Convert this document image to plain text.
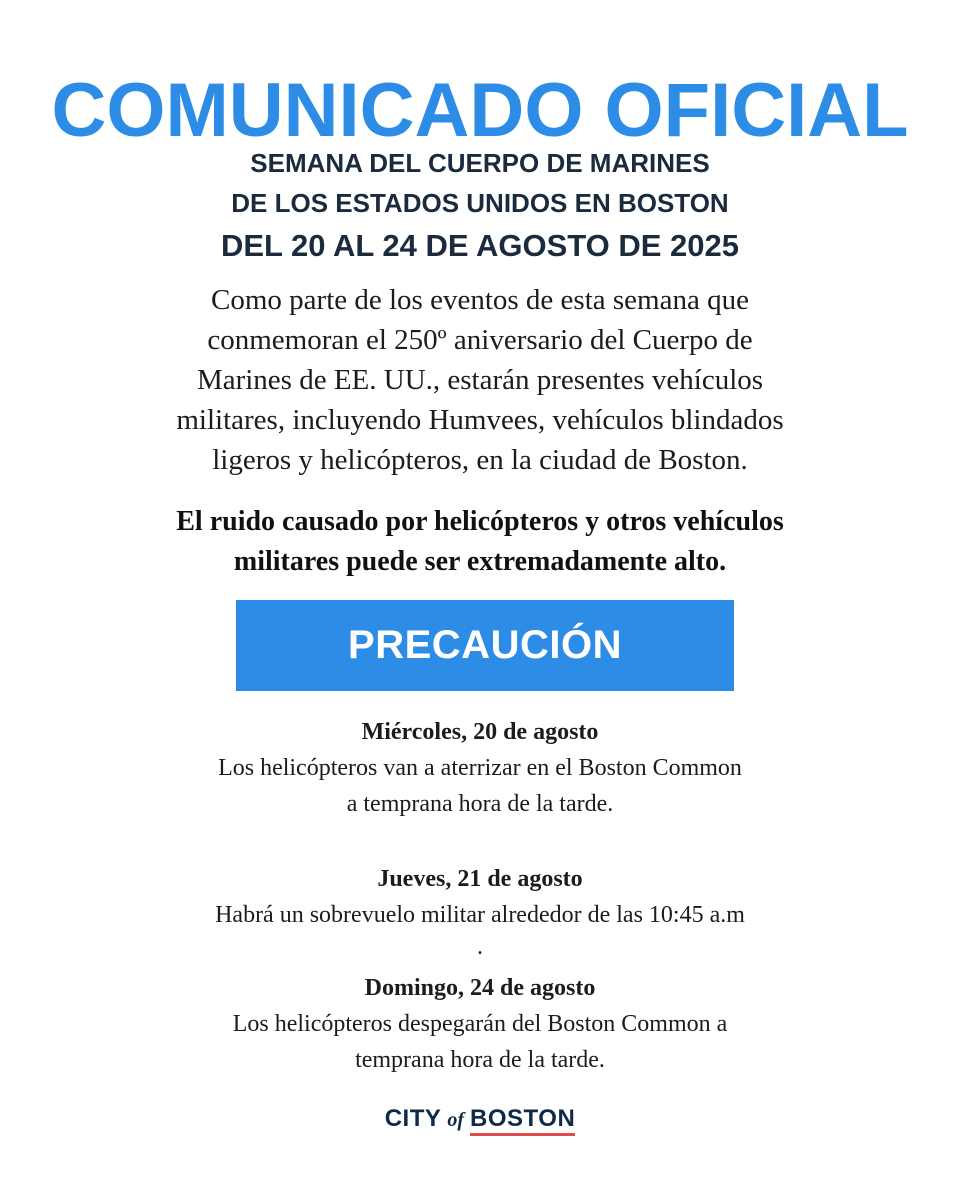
COMUNICADO OFICIAL
SEMANA DEL CUERPO DE MARINES
DE LOS ESTADOS UNIDOS EN BOSTON
DEL 20 AL 24 DE AGOSTO DE 2025
Como parte de los eventos de esta semana que
conmemoran el 250º aniversario del Cuerpo de
Marines de EE. UU., estarán presentes vehículos
militares, incluyendo Humvees, vehículos blindados
ligeros y helicópteros, en la ciudad de Boston.
El ruido causado por helicópteros y otros vehículos
militares puede ser extremadamente alto.
PRECAUCIÓN
Miércoles, 20 de agosto
Los helicópteros van a aterrizar en el Boston Common
a temprana hora de la tarde.
Jueves, 21 de agosto
Habrá un sobrevuelo militar alrededor de las 10:45 a.m
.
Domingo, 24 de agosto
Los helicópteros despegarán del Boston Common a
temprana hora de la tarde.
CITY of BOSTON
